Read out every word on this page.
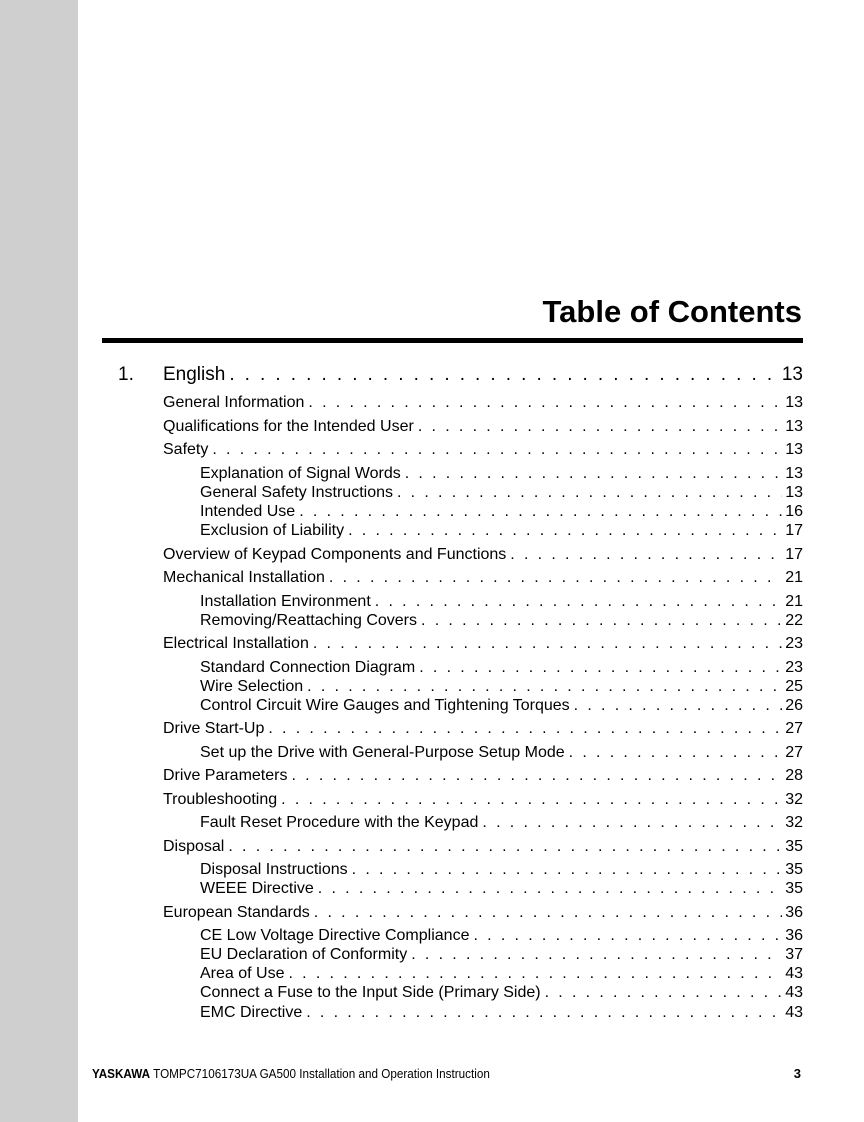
Table of Contents
1. English . . .	13
General Information . . .	13
Qualifications for the Intended User . . .	13
Safety . . .	13
Explanation of Signal Words . . .	13
General Safety Instructions . . .	13
Intended Use . . .	16
Exclusion of Liability . . .	17
Overview of Keypad Components and Functions . . .	17
Mechanical Installation . . .	21
Installation Environment . . .	21
Removing/Reattaching Covers . . .	22
Electrical Installation . . .	23
Standard Connection Diagram . . .	23
Wire Selection . . .	25
Control Circuit Wire Gauges and Tightening Torques . . .	26
Drive Start-Up . . .	27
Set up the Drive with General-Purpose Setup Mode . . .	27
Drive Parameters . . .	28
Troubleshooting . . .	32
Fault Reset Procedure with the Keypad . . .	32
Disposal . . .	35
Disposal Instructions . . .	35
WEEE Directive . . .	35
European Standards . . .	36
CE Low Voltage Directive Compliance . . .	36
EU Declaration of Conformity . . .	37
Area of Use . . .	43
Connect a Fuse to the Input Side (Primary Side) . . .	43
EMC Directive . . .	43
YASKAWA TOMPC7106173UA GA500 Installation and Operation Instruction	3
